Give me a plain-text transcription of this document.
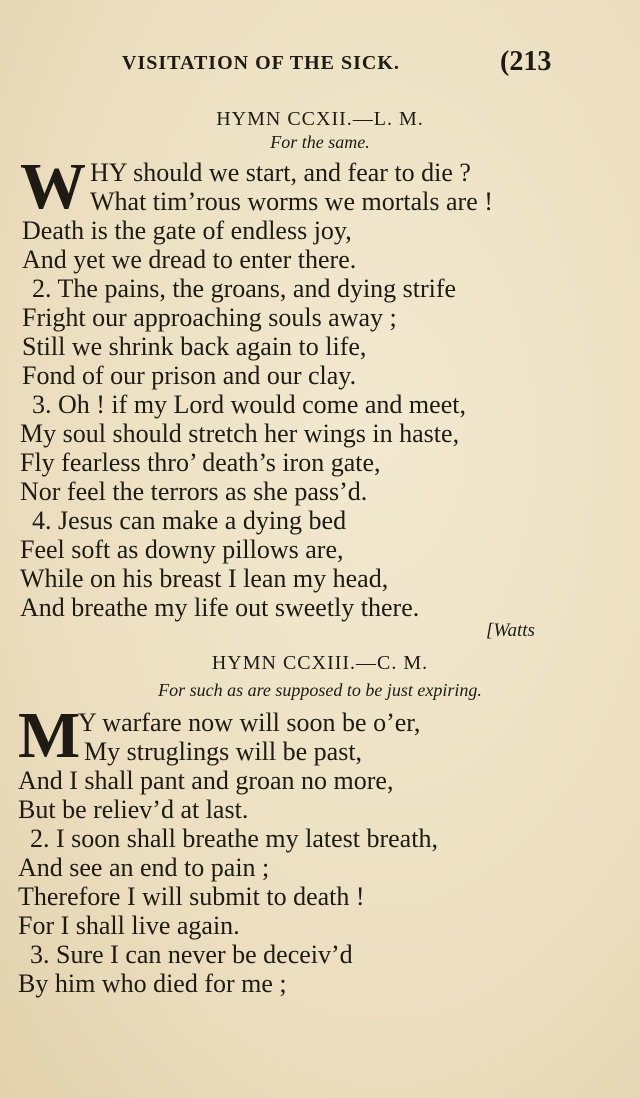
VISITATION OF THE SICK.	(213
HYMN CCXII.—L. M.
For the same.
W HY should we start, and fear to die ?
What tim’rous worms we mortals are !
Death is the gate of endless joy,
And yet we dread to enter there.
2. The pains, the groans, and dying strife
Fright our approaching souls away ;
Still we shrink back again to life,
Fond of our prison and our clay.
3. Oh ! if my Lord would come and meet,
My soul should stretch her wings in haste,
Fly fearless thro’ death’s iron gate,
Nor feel the terrors as she pass’d.
4. Jesus can make a dying bed
Feel soft as downy pillows are,
While on his breast I lean my head,
And breathe my life out sweetly there.
[Watts
HYMN CCXIII.—C. M.
For such as are supposed to be just expiring.
M
Y warfare now will soon be o’er,
My struglings will be past,
And I shall pant and groan no more,
But be reliev’d at last.
2. I soon shall breathe my latest breath,
And see an end to pain ;
Therefore I will submit to death !
For I shall live again.
3. Sure I can never be deceiv’d
By him who died for me ;
